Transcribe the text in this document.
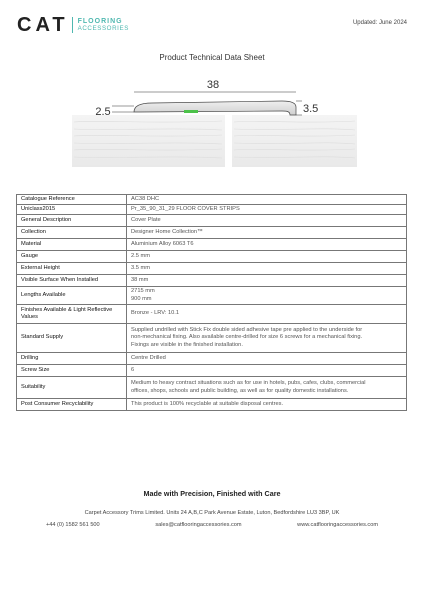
CAT FLOORING
ACCESSORIES
Updated: June 2024
Product Technical Data Sheet
38
2.5	3.5
Catalogue Reference	AC38 DHC
Uniclass2015	Pr_35_90_31_29 FLOOR COVER STRIPS
General Description	Cover Plate
Collection	Designer Home Collection™
Material	Aluminium Alloy 6063 T6
Gauge	2.5 mm
External Height	3.5 mm
Visible Surface When Installed	38 mm
Lengths Available	2715 mm
900 mm

Finishes Available & Light Reflective Values	Bronze - LRV: 10.1
Standard Supply	Supplied undrilled with Stick Fix double sided adhesive tape pre applied to the underside for
non-mechanical fixing. Also available centre-drilled for size 6 screws for a mechanical fixing.
Fixings are visible in the finished installation.

Drilling	Centre Drilled
Screw Size	6
Suitability	Medium to heavy contract situations such as for use in hotels, pubs, cafes, clubs, commercial
offices, shops, schools and public building, as well as for quality domestic installations.

Post Consumer Recyclability	This product is 100% recyclable at suitable disposal centres.
Made with Precision, Finished with Care
Carpet Accessory Trims Limited. Units 24 A,B,C Park Avenue Estate, Luton, Bedfordshire LU3 3BP, UK
+44 (0) 1582 561 500	sales@catflooringaccessories.com	www.catflooringaccessories.com
